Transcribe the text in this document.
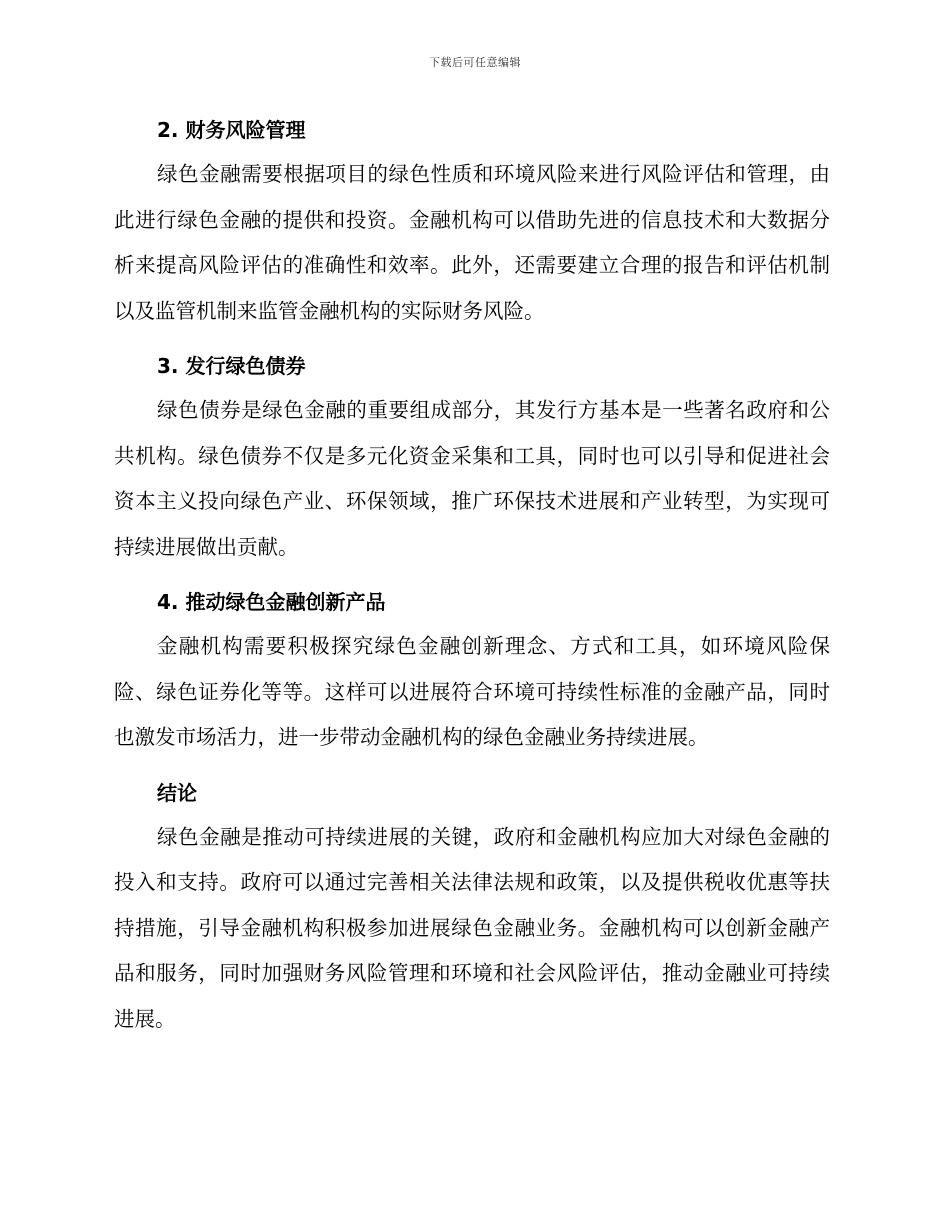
下载后可任意编辑
2. 财务风险管理

绿色金融需要根据项目的绿色性质和环境风险来进行风险评估和管理，由此进行绿色金融的提供和投资。金融机构可以借助先进的信息技术和大数据分析来提高风险评估的准确性和效率。此外，还需要建立合理的报告和评估机制以及监管机制来监管金融机构的实际财务风险。

3. 发行绿色债券

绿色债券是绿色金融的重要组成部分，其发行方基本是一些著名政府和公共机构。绿色债券不仅是多元化资金采集和工具，同时也可以引导和促进社会资本主义投向绿色产业、环保领域，推广环保技术进展和产业转型，为实现可持续进展做出贡献。

4. 推动绿色金融创新产品

金融机构需要积极探究绿色金融创新理念、方式和工具，如环境风险保险、绿色证券化等等。这样可以进展符合环境可持续性标准的金融产品，同时也激发市场活力，进一步带动金融机构的绿色金融业务持续进展。

结论

绿色金融是推动可持续进展的关键，政府和金融机构应加大对绿色金融的投入和支持。政府可以通过完善相关法律法规和政策，以及提供税收优惠等扶持措施，引导金融机构积极参加进展绿色金融业务。金融机构可以创新金融产品和服务，同时加强财务风险管理和环境和社会风险评估，推动金融业可持续进展。
